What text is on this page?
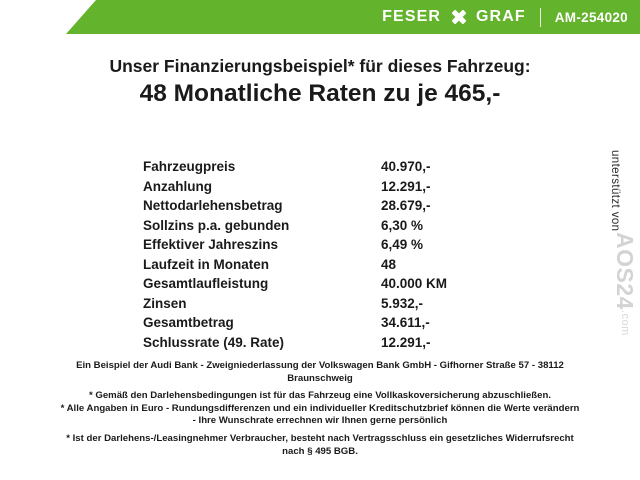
FESER GRAF AM-254020
Unser Finanzierungsbeispiel* für dieses Fahrzeug:
48 Monatliche Raten zu je 465,-
Fahrzeugpreis	40.970,-
Anzahlung	12.291,-
Nettodarlehensbetrag	28.679,-
Sollzins p.a. gebunden	6,30 %
Effektiver Jahreszins	6,49 %
Laufzeit in Monaten	48
Gesamtlaufleistung	40.000 KM
Zinsen	5.932,-
Gesamtbetrag	34.611,-
Schlussrate (49. Rate)	12.291,-

Ein Beispiel der Audi Bank - Zweigniederlassung der Volkswagen Bank GmbH - Gifhorner Straße 57 - 38112

Braunschweig

* Gemäß den Darlehensbedingungen ist für das Fahrzeug eine Vollkaskoversicherung abzuschließen.

* Alle Angaben in Euro - Rundungsdifferenzen und ein individueller Kreditschutzbrief können die Werte verändern

- Ihre Wunschrate errechnen wir Ihnen gerne persönlich

* Ist der Darlehens-/Leasingnehmer Verbraucher, besteht nach Vertragsschluss ein gesetzliches Widerrufsrecht

nach § 495 BGB.

unterstützt von
AOS24.com
